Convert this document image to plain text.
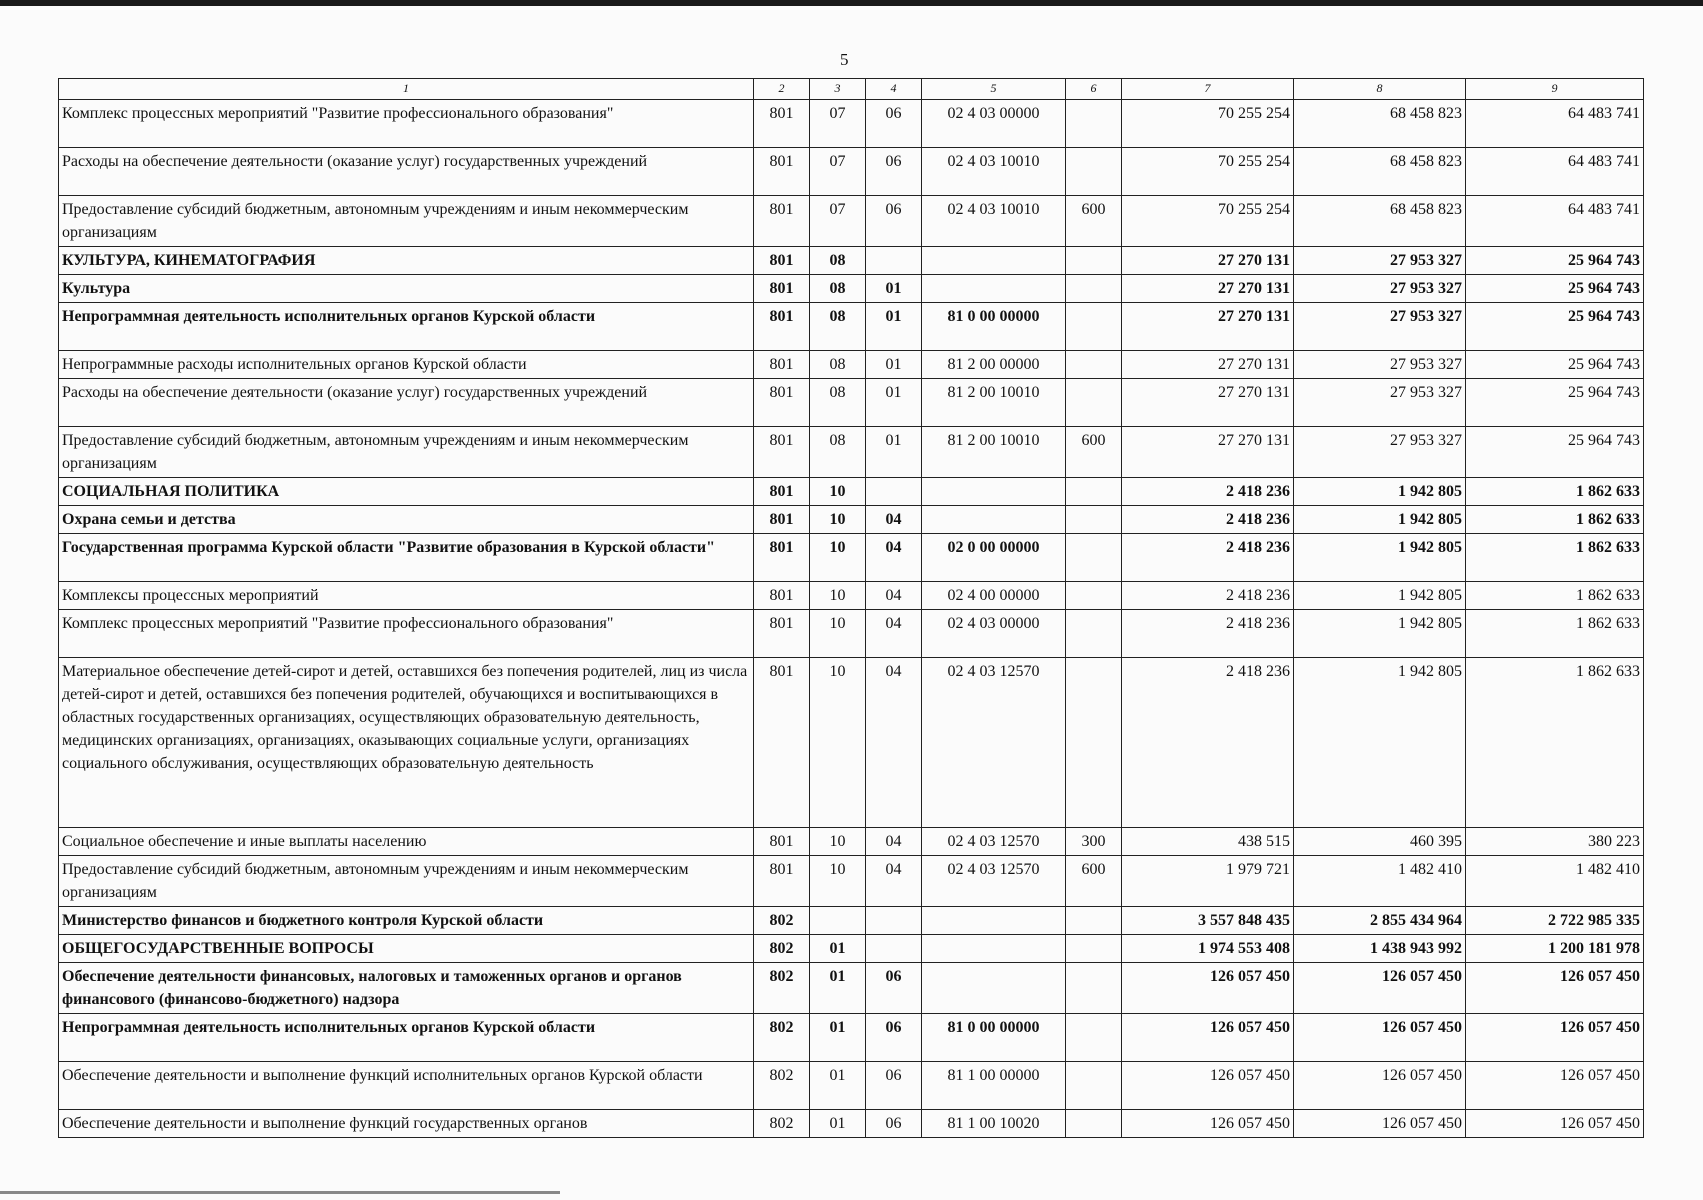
5
1	2	3	4	5	6	7	8	9
Комплекс процессных мероприятий "Развитие профессионального образования"	801	07	06	02 4 03 00000		70 255 254	68 458 823	64 483 741
Расходы на обеспечение деятельности (оказание услуг) государственных учреждений	801	07	06	02 4 03 10010		70 255 254	68 458 823	64 483 741
Предоставление субсидий бюджетным, автономным учреждениям и иным некоммерческим организациям	801	07	06	02 4 03 10010	600	70 255 254	68 458 823	64 483 741
КУЛЬТУРА, КИНЕМАТОГРАФИЯ	801	08				27 270 131	27 953 327	25 964 743
Культура	801	08	01			27 270 131	27 953 327	25 964 743
Непрограммная деятельность исполнительных органов Курской области	801	08	01	81 0 00 00000		27 270 131	27 953 327	25 964 743
Непрограммные расходы исполнительных органов Курской области	801	08	01	81 2 00 00000		27 270 131	27 953 327	25 964 743
Расходы на обеспечение деятельности (оказание услуг) государственных учреждений	801	08	01	81 2 00 10010		27 270 131	27 953 327	25 964 743
Предоставление субсидий бюджетным, автономным учреждениям и иным некоммерческим организациям	801	08	01	81 2 00 10010	600	27 270 131	27 953 327	25 964 743
СОЦИАЛЬНАЯ ПОЛИТИКА	801	10				2 418 236	1 942 805	1 862 633
Охрана семьи и детства	801	10	04			2 418 236	1 942 805	1 862 633
Государственная программа Курской области "Развитие образования в Курской области"	801	10	04	02 0 00 00000		2 418 236	1 942 805	1 862 633
Комплексы процессных мероприятий	801	10	04	02 4 00 00000		2 418 236	1 942 805	1 862 633
Комплекс процессных мероприятий "Развитие профессионального образования"	801	10	04	02 4 03 00000		2 418 236	1 942 805	1 862 633
Материальное обеспечение детей-сирот и детей, оставшихся без попечения родителей, лиц из числа детей-сирот и детей, оставшихся без попечения родителей, обучающихся и воспитывающихся в областных государственных организациях, осуществляющих образовательную деятельность, медицинских организациях, организациях, оказывающих социальные услуги, организациях социального обслуживания, осуществляющих образовательную деятельность	801	10	04	02 4 03 12570		2 418 236	1 942 805	1 862 633
Социальное обеспечение и иные выплаты населению	801	10	04	02 4 03 12570	300	438 515	460 395	380 223
Предоставление субсидий бюджетным, автономным учреждениям и иным некоммерческим организациям	801	10	04	02 4 03 12570	600	1 979 721	1 482 410	1 482 410
Министерство финансов и бюджетного контроля Курской области	802					3 557 848 435	2 855 434 964	2 722 985 335
ОБЩЕГОСУДАРСТВЕННЫЕ ВОПРОСЫ	802	01				1 974 553 408	1 438 943 992	1 200 181 978
Обеспечение деятельности финансовых, налоговых и таможенных органов и органов финансового (финансово-бюджетного) надзора	802	01	06			126 057 450	126 057 450	126 057 450
Непрограммная деятельность исполнительных органов Курской области	802	01	06	81 0 00 00000		126 057 450	126 057 450	126 057 450
Обеспечение деятельности и выполнение функций исполнительных органов Курской области	802	01	06	81 1 00 00000		126 057 450	126 057 450	126 057 450
Обеспечение деятельности и выполнение функций государственных органов	802	01	06	81 1 00 10020		126 057 450	126 057 450	126 057 450
